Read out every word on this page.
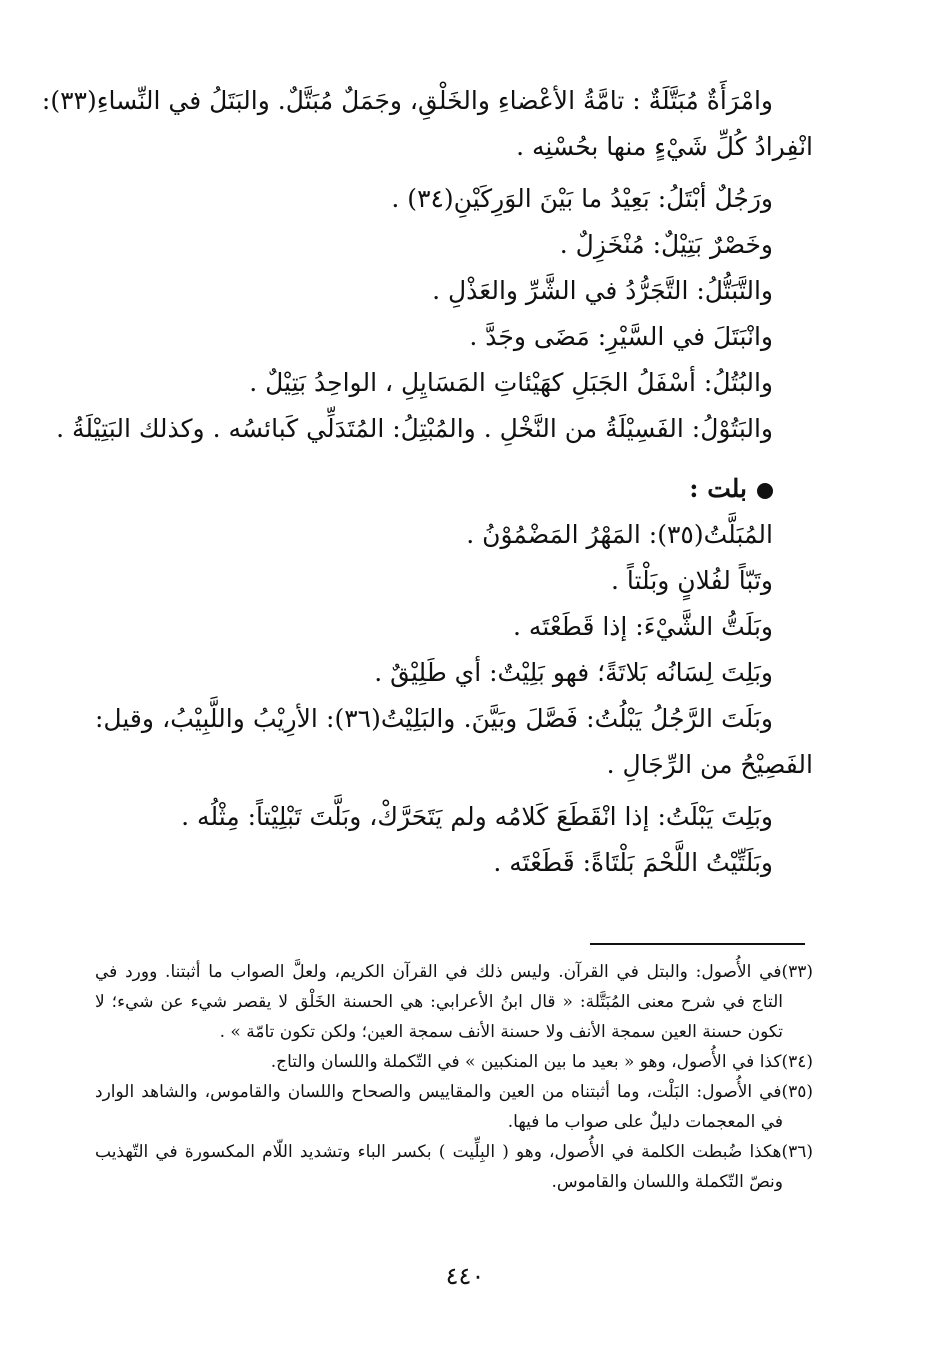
وامْرَأَةٌ مُبَتَّلَةٌ : تامَّةُ الأعْضاءِ والخَلْقِ، وجَمَلٌ مُبَتَّلٌ. والبَتَلُ في النِّساءِ(٣٣):
انْفِرادُ كُلِّ شَيْءٍ منها بحُسْنِه .
ورَجُلٌ أبْتَلُ: بَعِيْدُ ما بَيْنَ الوَرِكَيْنِ(٣٤) .
وخَصْرٌ بَتِيْلٌ: مُنْخَزِلٌ .
والتَّبَتُّلُ: التَّجَرُّدُ في الشَّرِّ والعَذْلِ .
وانْبَتَلَ في السَّيْرِ: مَضَى وجَدَّ .
والبُتُلُ: أسْفَلُ الجَبَلِ كهَيْئاتِ المَسَايِلِ ، الواحِدُ بَتِيْلٌ .
والبَتُوْلُ: الفَسِيْلَةُ من النَّخْلِ . والمُبْتِلُ: المُتَدَلِّي كَبائسُه . وكذلك البَتِيْلَةُ .
بلت :
المُبَلَّتُ(٣٥): المَهْرُ المَضْمُوْنُ .
وتَبّاً لفُلانٍ وبَلْتاً .
وبَلَتُّ الشَّيْءَ: إذا قَطَعْتَه .
وبَلِتَ لِسَانُه بَلاتَةً؛ فهو بَلِيْتٌ: أي طَلِيْقٌ .
وبَلَتَ الرَّجُلُ يَبْلُتُ: فَصَّلَ وبَيَّنَ. والبَلِيْتُ(٣٦): الأرِيْبُ واللَّبِيْبُ، وقيل:
الفَصِيْحُ من الرِّجَالِ .
وبَلِتَ يَبْلَتُ: إذا انْقَطَعَ كَلامُه ولم يَتَحَرَّكْ، وبَلَّتَ تَبْلِيْتاً: مِثْلُه .
وبَلَتِّيْتُ اللَّحْمَ بَلْتَاةً: قَطَعْتَه .
(٣٣)في الأُصول: والبتل في القرآن. وليس ذلك في القرآن الكريم، ولعلَّ الصواب ما أثبتنا. وورد في التاج في شرح معنى المُبَتَّلة: « قال ابنُ الأعرابي: هي الحسنة الخَلْق لا يقصر شيء عن شيء؛ لا تكون حسنة العين سمجة الأنف ولا حسنة الأنف سمجة العين؛ ولكن تكون تامّة » .
(٣٤)كذا في الأُصول، وهو « بعيد ما بين المنكبين » في التّكملة واللسان والتاج.
(٣٥)في الأُصول: البَلْت، وما أثبتناه من العين والمقاييس والصحاح واللسان والقاموس، والشاهد الوارد في المعجمات دليلٌ على صواب ما فيها.
(٣٦)هكذا ضُبطت الكلمة في الأُصول، وهو ( البِلِّيت ) بكسر الباء وتشديد اللّام المكسورة في التّهذيب ونصّ التّكملة واللسان والقاموس.
٤٤٠
